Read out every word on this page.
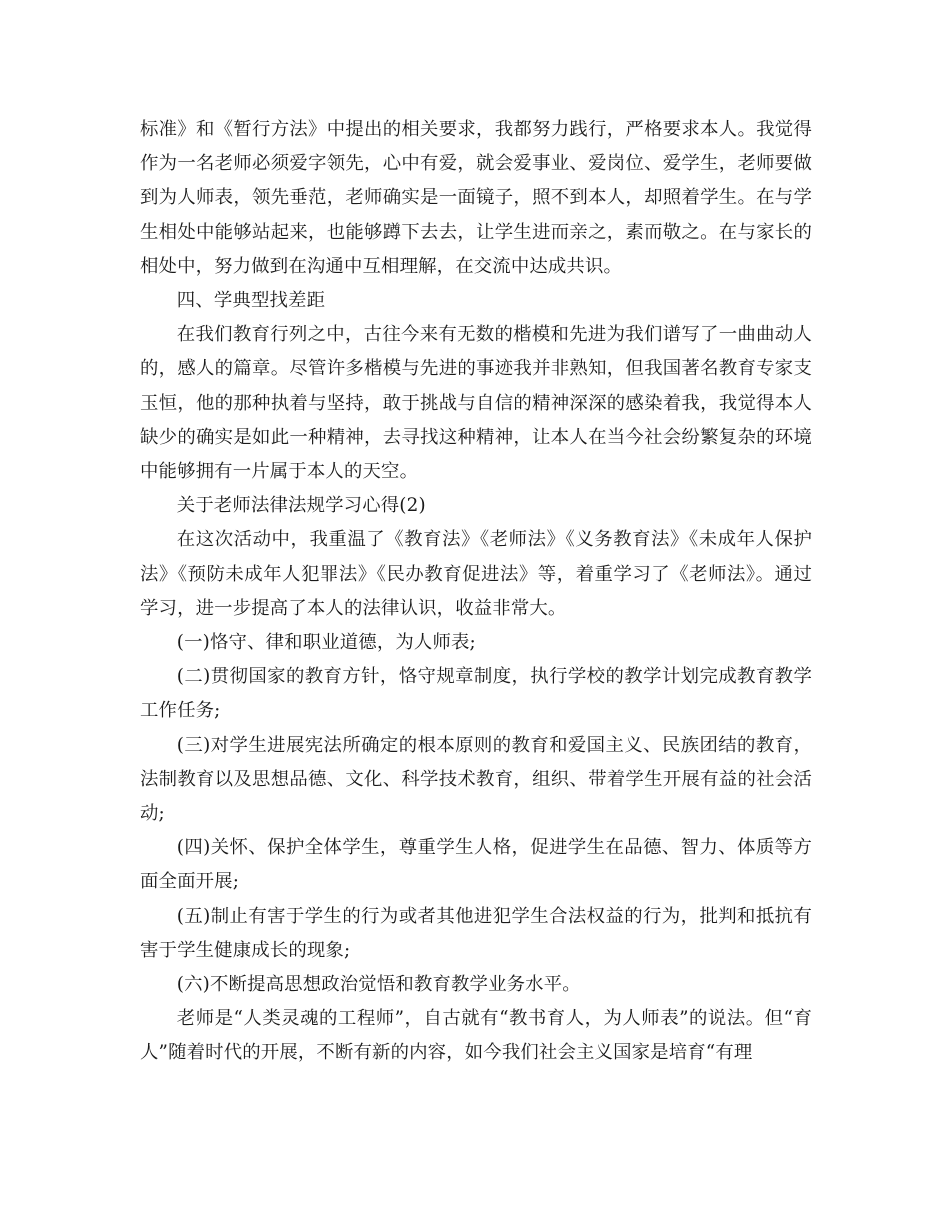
标准》和《暂行方法》中提出的相关要求，我都努力践行，严格要求本人。我觉得作为一名老师必须爱字领先，心中有爱，就会爱事业、爱岗位、爱学生，老师要做到为人师表，领先垂范，老师确实是一面镜子，照不到本人，却照着学生。在与学生相处中能够站起来，也能够蹲下去去，让学生进而亲之，素而敬之。在与家长的相处中，努力做到在沟通中互相理解，在交流中达成共识。

四、学典型找差距

在我们教育行列之中，古往今来有无数的楷模和先进为我们谱写了一曲曲动人的，感人的篇章。尽管许多楷模与先进的事迹我并非熟知，但我国著名教育专家支玉恒，他的那种执着与坚持，敢于挑战与自信的精神深深的感染着我，我觉得本人缺少的确实是如此一种精神，去寻找这种精神，让本人在当今社会纷繁复杂的环境中能够拥有一片属于本人的天空。

关于老师法律法规学习心得(2)

在这次活动中，我重温了《教育法》《老师法》《义务教育法》《未成年人保护法》《预防未成年人犯罪法》《民办教育促进法》等，着重学习了《老师法》。通过学习，进一步提高了本人的法律认识，收益非常大。

(一)恪守、律和职业道德，为人师表;

(二)贯彻国家的教育方针，恪守规章制度，执行学校的教学计划完成教育教学工作任务;

(三)对学生进展宪法所确定的根本原则的教育和爱国主义、民族团结的教育，法制教育以及思想品德、文化、科学技术教育，组织、带着学生开展有益的社会活动;

(四)关怀、保护全体学生，尊重学生人格，促进学生在品德、智力、体质等方面全面开展;

(五)制止有害于学生的行为或者其他进犯学生合法权益的行为，批判和抵抗有害于学生健康成长的现象;

(六)不断提高思想政治觉悟和教育教学业务水平。

老师是“人类灵魂的工程师”，自古就有“教书育人，为人师表”的说法。但“育人”随着时代的开展，不断有新的内容，如今我们社会主义国家是培育“有理
